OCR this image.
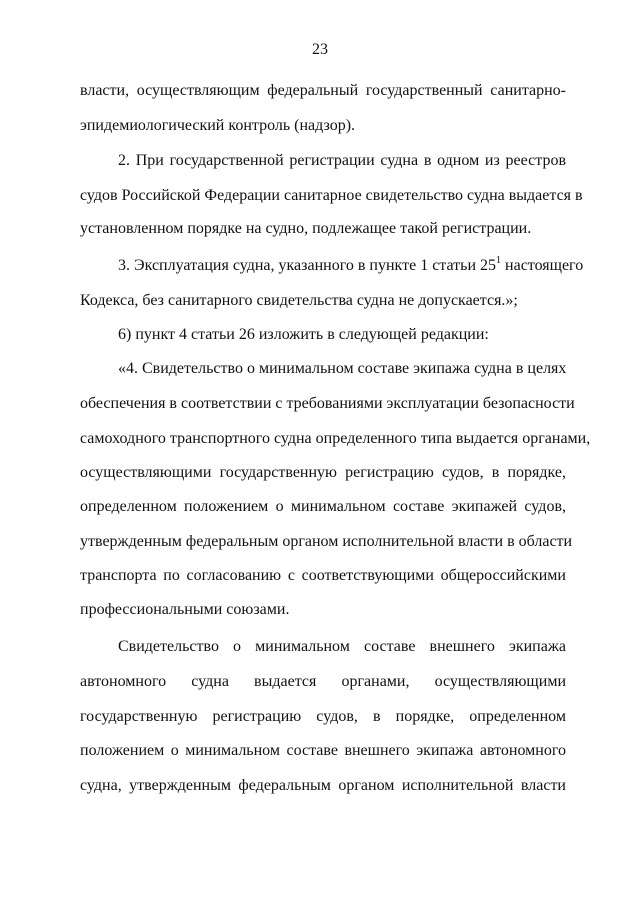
23
власти, осуществляющим федеральный государственный санитарно-
эпидемиологический контроль (надзор).
2. При государственной регистрации судна в одном из реестров
судов Российской Федерации санитарное свидетельство судна выдается в
установленном порядке на судно, подлежащее такой регистрации.
3. Эксплуатация судна, указанного в пункте 1 статьи $25^1$ настоящего
Кодекса, без санитарного свидетельства судна не допускается.»;
6) пункт 4 статьи 26 изложить в следующей редакции:
«4. Свидетельство о минимальном составе экипажа судна в целях
обеспечения в соответствии с требованиями эксплуатации безопасности
самоходного транспортного судна определенного типа выдается органами,
осуществляющими государственную регистрацию судов, в порядке,
определенном положением о минимальном составе экипажей судов,
утвержденным федеральным органом исполнительной власти в области
транспорта по согласованию с соответствующими общероссийскими
профессиональными союзами.
Свидетельство о минимальном составе внешнего экипажа
автономного судна выдается органами, осуществляющими
государственную регистрацию судов, в порядке, определенном
положением о минимальном составе внешнего экипажа автономного
судна, утвержденным федеральным органом исполнительной власти
